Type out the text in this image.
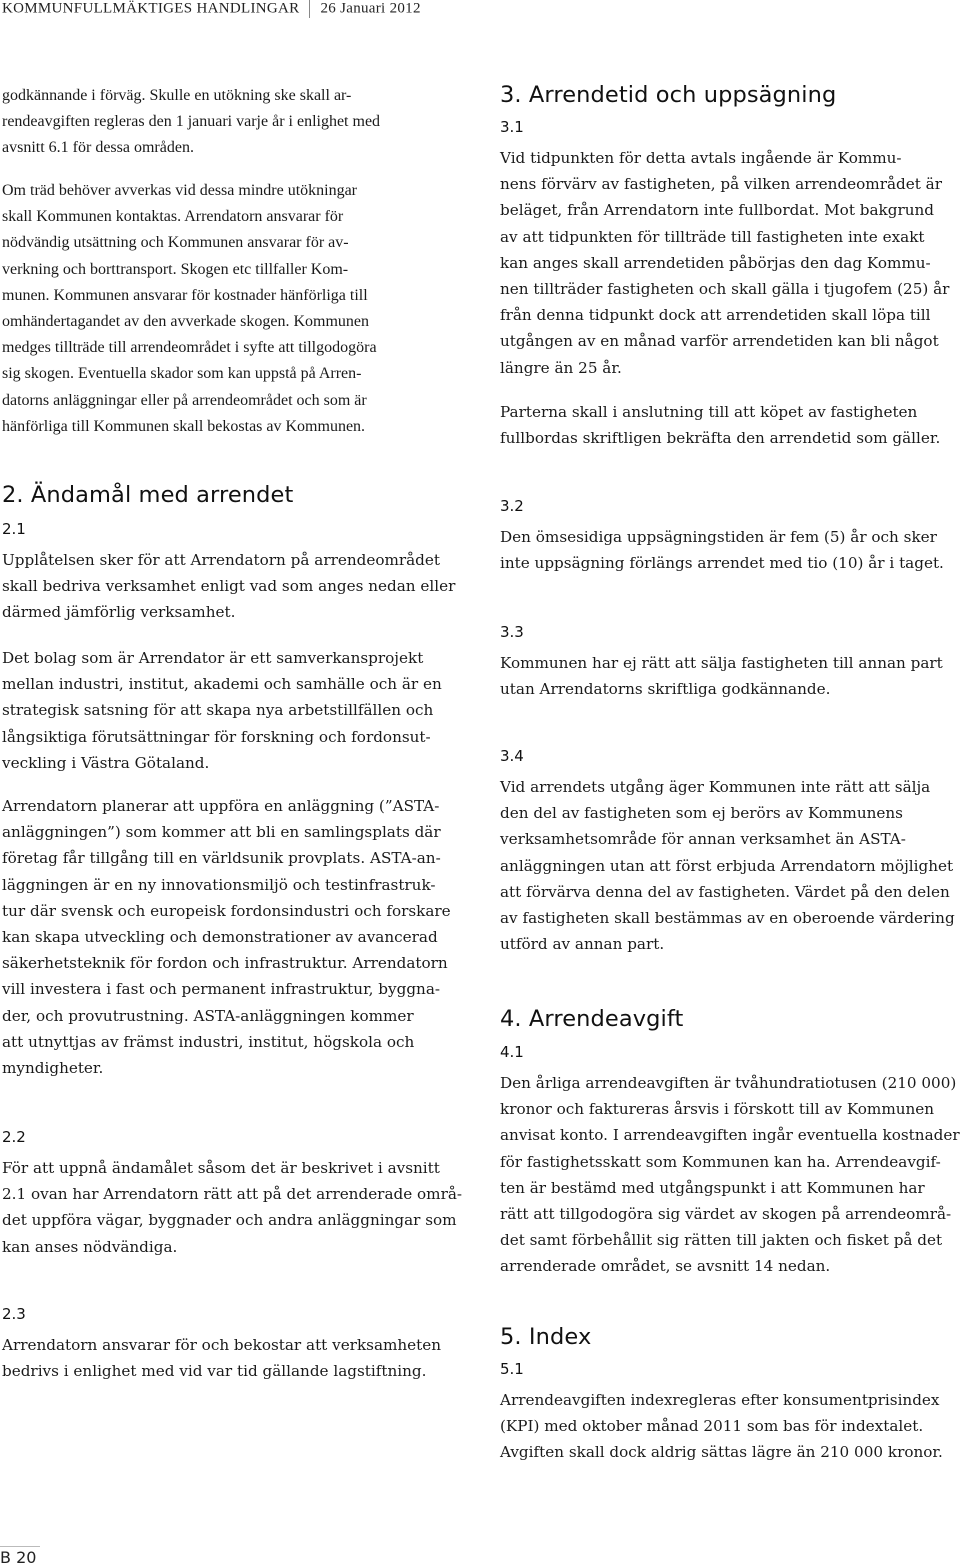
KOMMUNFULLMÄKTIGES HANDLINGAR 26 Januari 2012

godkännande i förväg. Skulle en utökning ske skall ar-
rendeavgiften regleras den 1 januari varje år i enlighet med
avsnitt 6.1 för dessa områden.

Om träd behöver avverkas vid dessa mindre utökningar
skall Kommunen kontaktas. Arrendatorn ansvarar för
nödvändig utsättning och Kommunen ansvarar för av-
verkning och borttransport. Skogen etc tillfaller Kom-
munen. Kommunen ansvarar för kostnader hänförliga till
omhändertagandet av den avverkade skogen. Kommunen
medges tillträde till arrendeområdet i syfte att tillgodogöra
sig skogen. Eventuella skador som kan uppstå på Arren-
datorns anläggningar eller på arrendeområdet och som är
hänförliga till Kommunen skall bekostas av Kommunen.

2. Ändamål med arrendet
2.1

Upplåtelsen sker för att Arrendatorn på arrendeområdet
skall bedriva verksamhet enligt vad som anges nedan eller
därmed jämförlig verksamhet.

Det bolag som är Arrendator är ett samverkansprojekt
mellan industri, institut, akademi och samhälle och är en
strategisk satsning för att skapa nya arbetstillfällen och
långsiktiga förutsättningar för forskning och fordonsut-
veckling i Västra Götaland.

Arrendatorn planerar att uppföra en anläggning (”ASTA-
anläggningen”) som kommer att bli en samlingsplats där
företag får tillgång till en världsunik provplats. ASTA-an-
läggningen är en ny innovationsmiljö och testinfrastruk-
tur där svensk och europeisk fordonsindustri och forskare
kan skapa utveckling och demonstrationer av avancerad
säkerhetsteknik för fordon och infrastruktur. Arrendatorn
vill investera i fast och permanent infrastruktur, byggna-
der, och provutrustning. ASTA-anläggningen kommer
att utnyttjas av främst industri, institut, högskola och
myndigheter.

2.2

För att uppnå ändamålet såsom det är beskrivet i avsnitt
2.1 ovan har Arrendatorn rätt att på det arrenderade områ-
det uppföra vägar, byggnader och andra anläggningar som
kan anses nödvändiga.

2.3

Arrendatorn ansvarar för och bekostar att verksamheten
bedrivs i enlighet med vid var tid gällande lagstiftning.

3. Arrendetid och uppsägning
3.1

Vid tidpunkten för detta avtals ingående är Kommu-
nens förvärv av fastigheten, på vilken arrendeområdet är
beläget, från Arrendatorn inte fullbordat. Mot bakgrund
av att tidpunkten för tillträde till fastigheten inte exakt
kan anges skall arrendetiden påbörjas den dag Kommu-
nen tillträder fastigheten och skall gälla i tjugofem (25) år
från denna tidpunkt dock att arrendetiden skall löpa till
utgången av en månad varför arrendetiden kan bli något
längre än 25 år.

Parterna skall i anslutning till att köpet av fastigheten
fullbordas skriftligen bekräfta den arrendetid som gäller.

3.2

Den ömsesidiga uppsägningstiden är fem (5) år och sker
inte uppsägning förlängs arrendet med tio (10) år i taget.

3.3

Kommunen har ej rätt att sälja fastigheten till annan part
utan Arrendatorns skriftliga godkännande.

3.4

Vid arrendets utgång äger Kommunen inte rätt att sälja
den del av fastigheten som ej berörs av Kommunens
verksamhetsområde för annan verksamhet än ASTA-
anläggningen utan att först erbjuda Arrendatorn möjlighet
att förvärva denna del av fastigheten. Värdet på den delen
av fastigheten skall bestämmas av en oberoende värdering
utförd av annan part.

4. Arrendeavgift
4.1

Den årliga arrendeavgiften är tvåhundratiotusen (210 000)
kronor och faktureras årsvis i förskott till av Kommunen
anvisat konto. I arrendeavgiften ingår eventuella kostnader
för fastighetsskatt som Kommunen kan ha. Arrendeavgif-
ten är bestämd med utgångspunkt i att Kommunen har
rätt att tillgodogöra sig värdet av skogen på arrendeområ-
det samt förbehållit sig rätten till jakten och fisket på det
arrenderade området, se avsnitt 14 nedan.

5. Index
5.1

Arrendeavgiften indexregleras efter konsumentprisindex
(KPI) med oktober månad 2011 som bas för indextalet.
Avgiften skall dock aldrig sättas lägre än 210 000 kronor.

B 20
